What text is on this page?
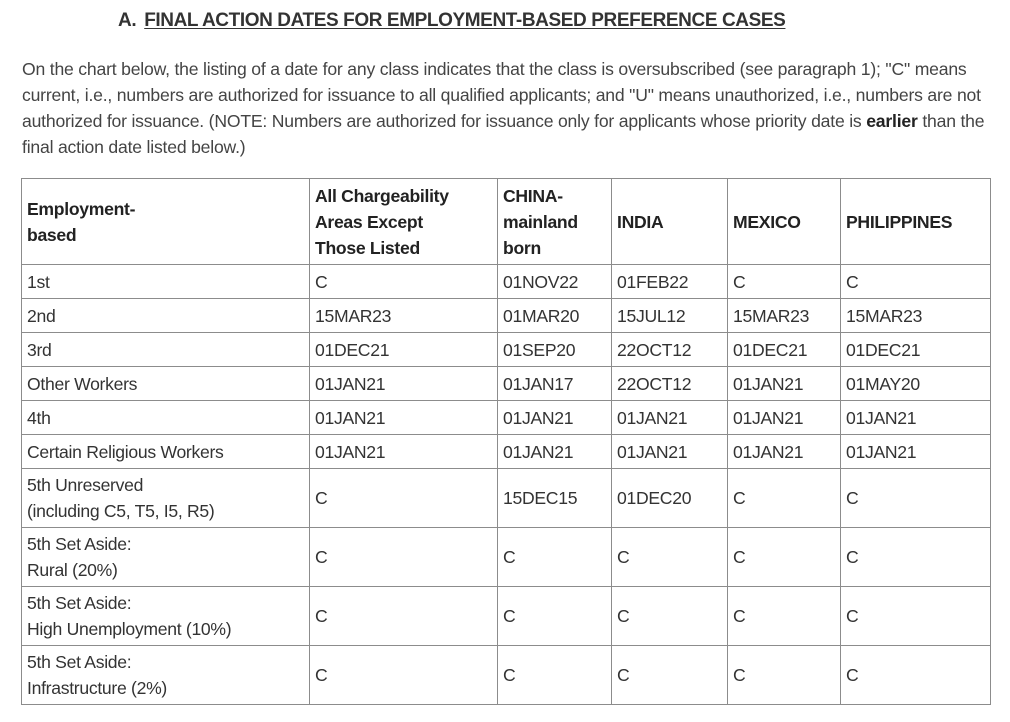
A. FINAL ACTION DATES FOR EMPLOYMENT-BASED PREFERENCE CASES

On the chart below, the listing of a date for any class indicates that the class is oversubscribed (see paragraph 1); "C" means current, i.e., numbers are authorized for issuance to all qualified applicants; and "U" means unauthorized, i.e., numbers are not authorized for issuance. (NOTE: Numbers are authorized for issuance only for applicants whose priority date is earlier than the final action date listed below.)

Employment-
based	All Chargeability
Areas Except
Those Listed	CHINA-
mainland
born	INDIA	MEXICO	PHILIPPINES

1st	C	01NOV22	01FEB22	C	C

2nd	15MAR23	01MAR20	15JUL12	15MAR23	15MAR23

3rd	01DEC21	01SEP20	22OCT12	01DEC21	01DEC21

Other Workers	01JAN21	01JAN17	22OCT12	01JAN21	01MAY20

4th	01JAN21	01JAN21	01JAN21	01JAN21	01JAN21

Certain Religious Workers	01JAN21	01JAN21	01JAN21	01JAN21	01JAN21

5th Unreserved
(including C5, T5, I5, R5)	C	15DEC15	01DEC20	C	C

5th Set Aside:
Rural (20%)	C	C	C	C	C

5th Set Aside:
High Unemployment (10%)	C	C	C	C	C

5th Set Aside:
Infrastructure (2%)	C	C	C	C	C
